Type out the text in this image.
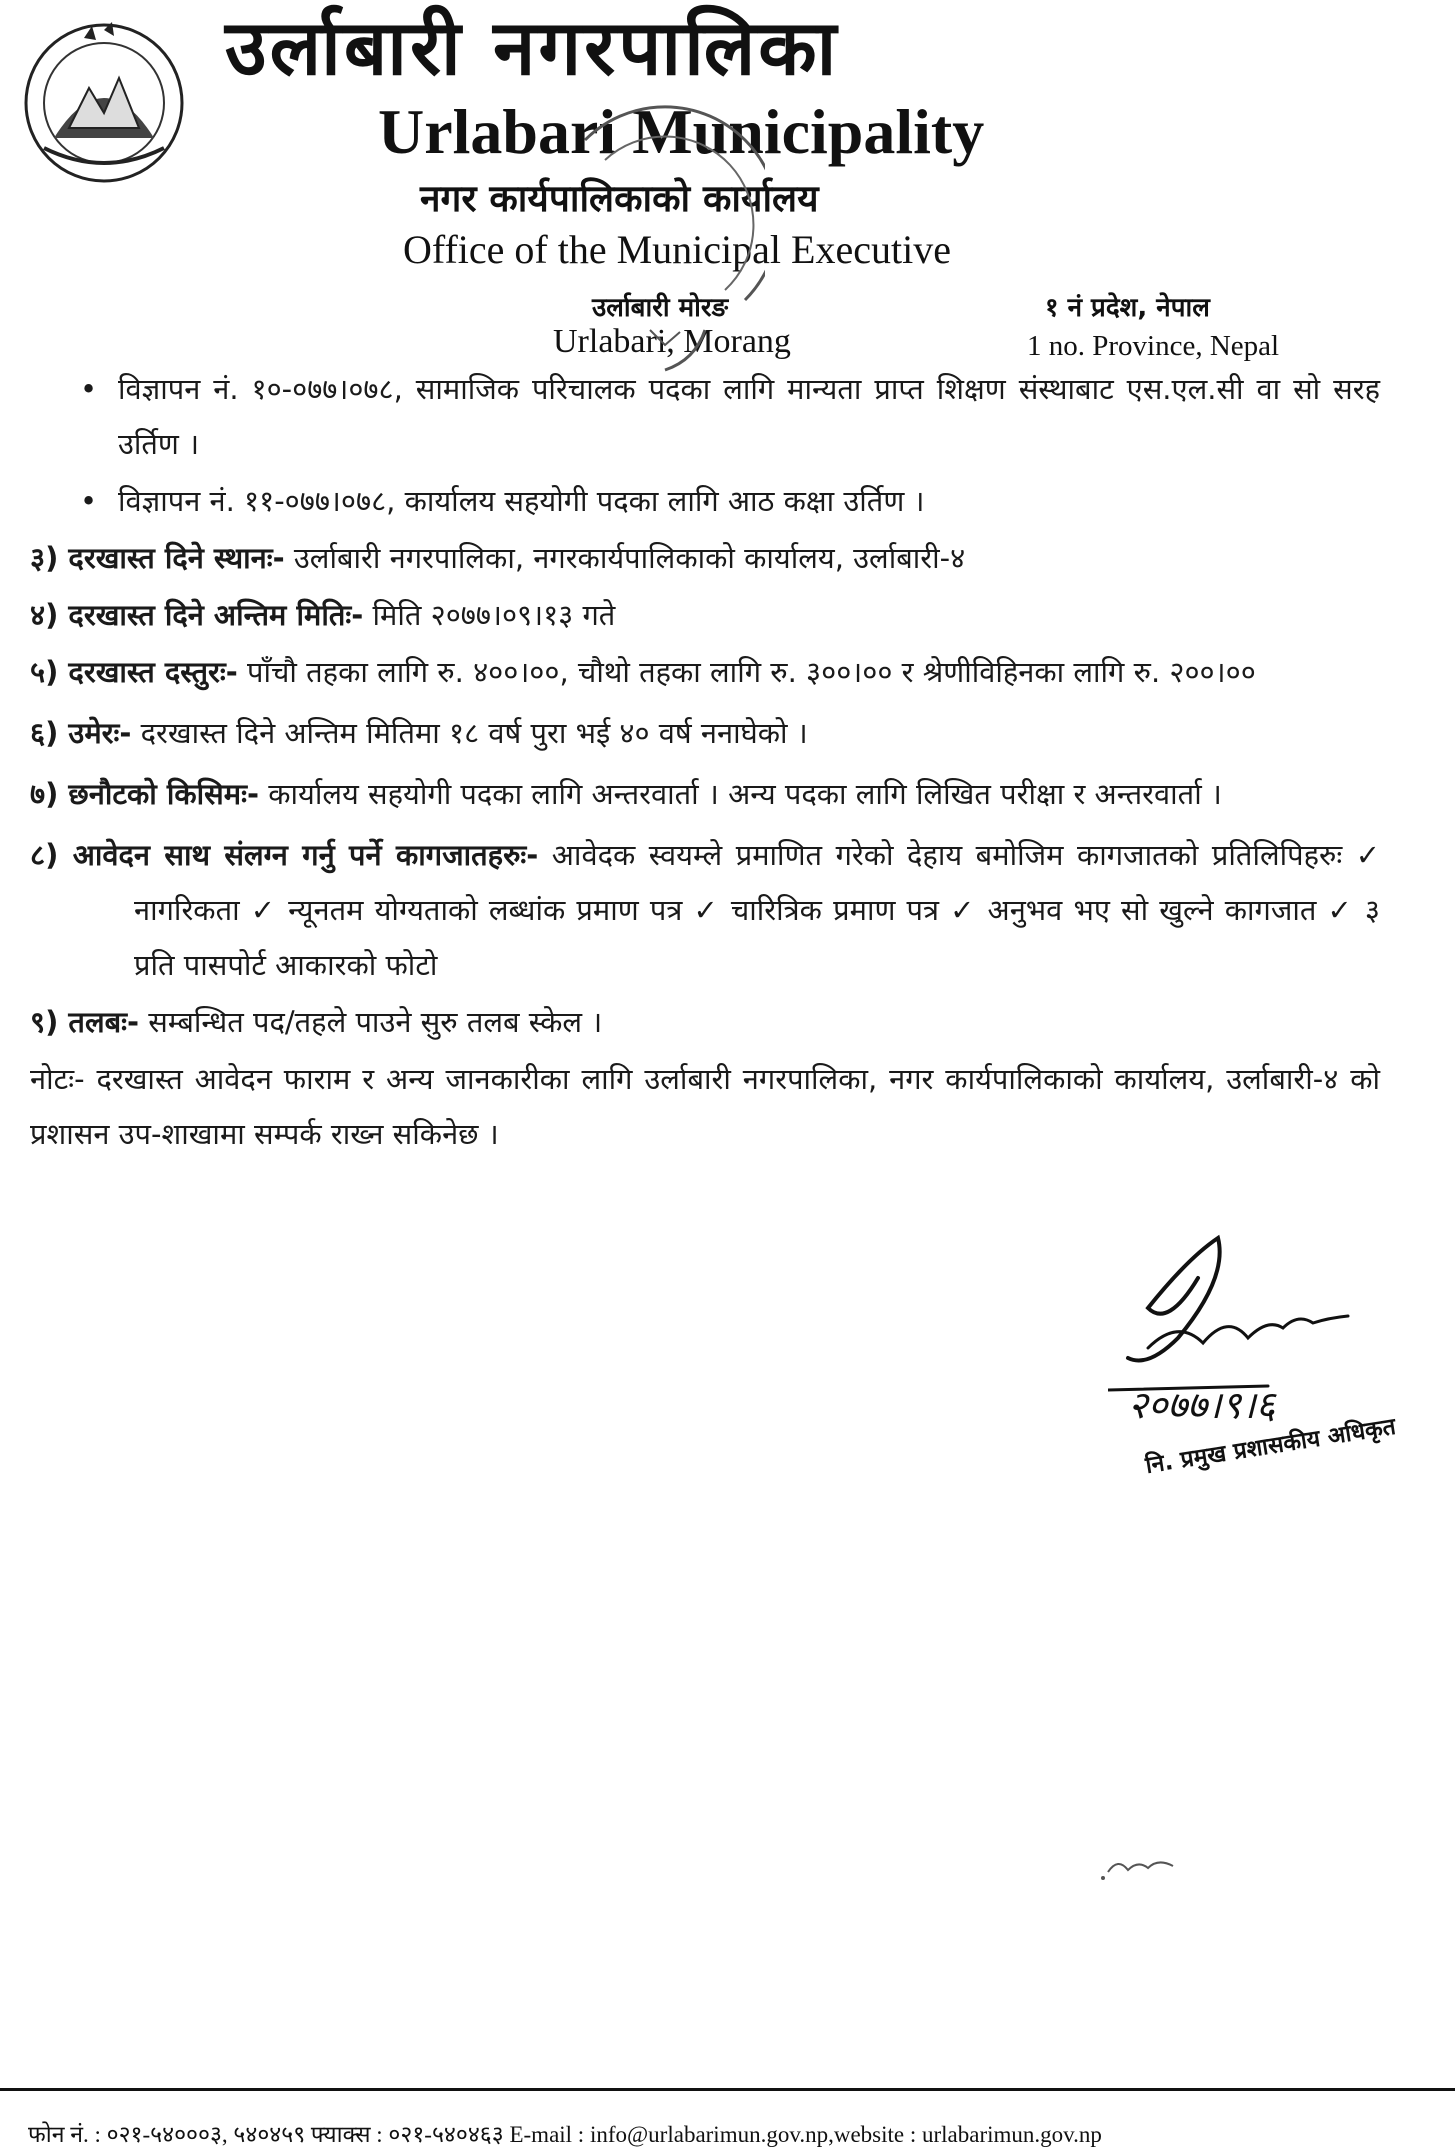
उर्लाबारी नगरपालिका
Urlabari Municipality
नगर कार्यपालिकाको कार्यालय
Office of the Municipal Executive
उर्लाबारी मोरङ
Urlabari, Morang
१ नं प्रदेश, नेपाल
1 no. Province, Nepal

• विज्ञापन नं. १०-०७७।०७८, सामाजिक परिचालक पदका लागि मान्यता प्राप्त शिक्षण संस्थाबाट एस.एल.सी वा सो सरह उर्तिण ।

• विज्ञापन नं. ११-०७७।०७८, कार्यालय सहयोगी पदका लागि आठ कक्षा उर्तिण ।

३) दरखास्त दिने स्थानः- उर्लाबारी नगरपालिका, नगरकार्यपालिकाको कार्यालय, उर्लाबारी-४

४) दरखास्त दिने अन्तिम मितिः- मिति २०७७।०९।१३ गते

५) दरखास्त दस्तुरः- पाँचौ तहका लागि रु. ४००।००, चौथो तहका लागि रु. ३००।०० र श्रेणीविहिनका लागि रु. २००।००

६) उमेरः- दरखास्त दिने अन्तिम मितिमा १८ वर्ष पुरा भई ४० वर्ष ननाघेको ।

७) छनौटको किसिमः- कार्यालय सहयोगी पदका लागि अन्तरवार्ता । अन्य पदका लागि लिखित परीक्षा र अन्तरवार्ता ।

८) आवेदन साथ संलग्न गर्नु पर्ने कागजातहरुः- आवेदक स्वयम्ले प्रमाणित गरेको देहाय बमोजिम कागजातको प्रतिलिपिहरुः ✓ नागरिकता ✓ न्यूनतम योग्यताको लब्धांक प्रमाण पत्र ✓ चारित्रिक प्रमाण पत्र ✓ अनुभव भए सो खुल्ने कागजात ✓ ३ प्रति पासपोर्ट आकारको फोटो

९) तलबः- सम्बन्धित पद/तहले पाउने सुरु तलब स्केल ।

नोटः- दरखास्त आवेदन फाराम र अन्य जानकारीका लागि उर्लाबारी नगरपालिका, नगर कार्यपालिकाको कार्यालय, उर्लाबारी-४ को प्रशासन उप-शाखामा सम्पर्क राख्न सकिनेछ ।

२०७७।९।६
नि. प्रमुख प्रशासकीय अधिकृत
फोन नं. : ०२१-५४०००३, ५४०४५९ फ्याक्स : ०२१-५४०४६३ E-mail : info@urlabarimun.gov.np,website : urlabarimun.gov.np
